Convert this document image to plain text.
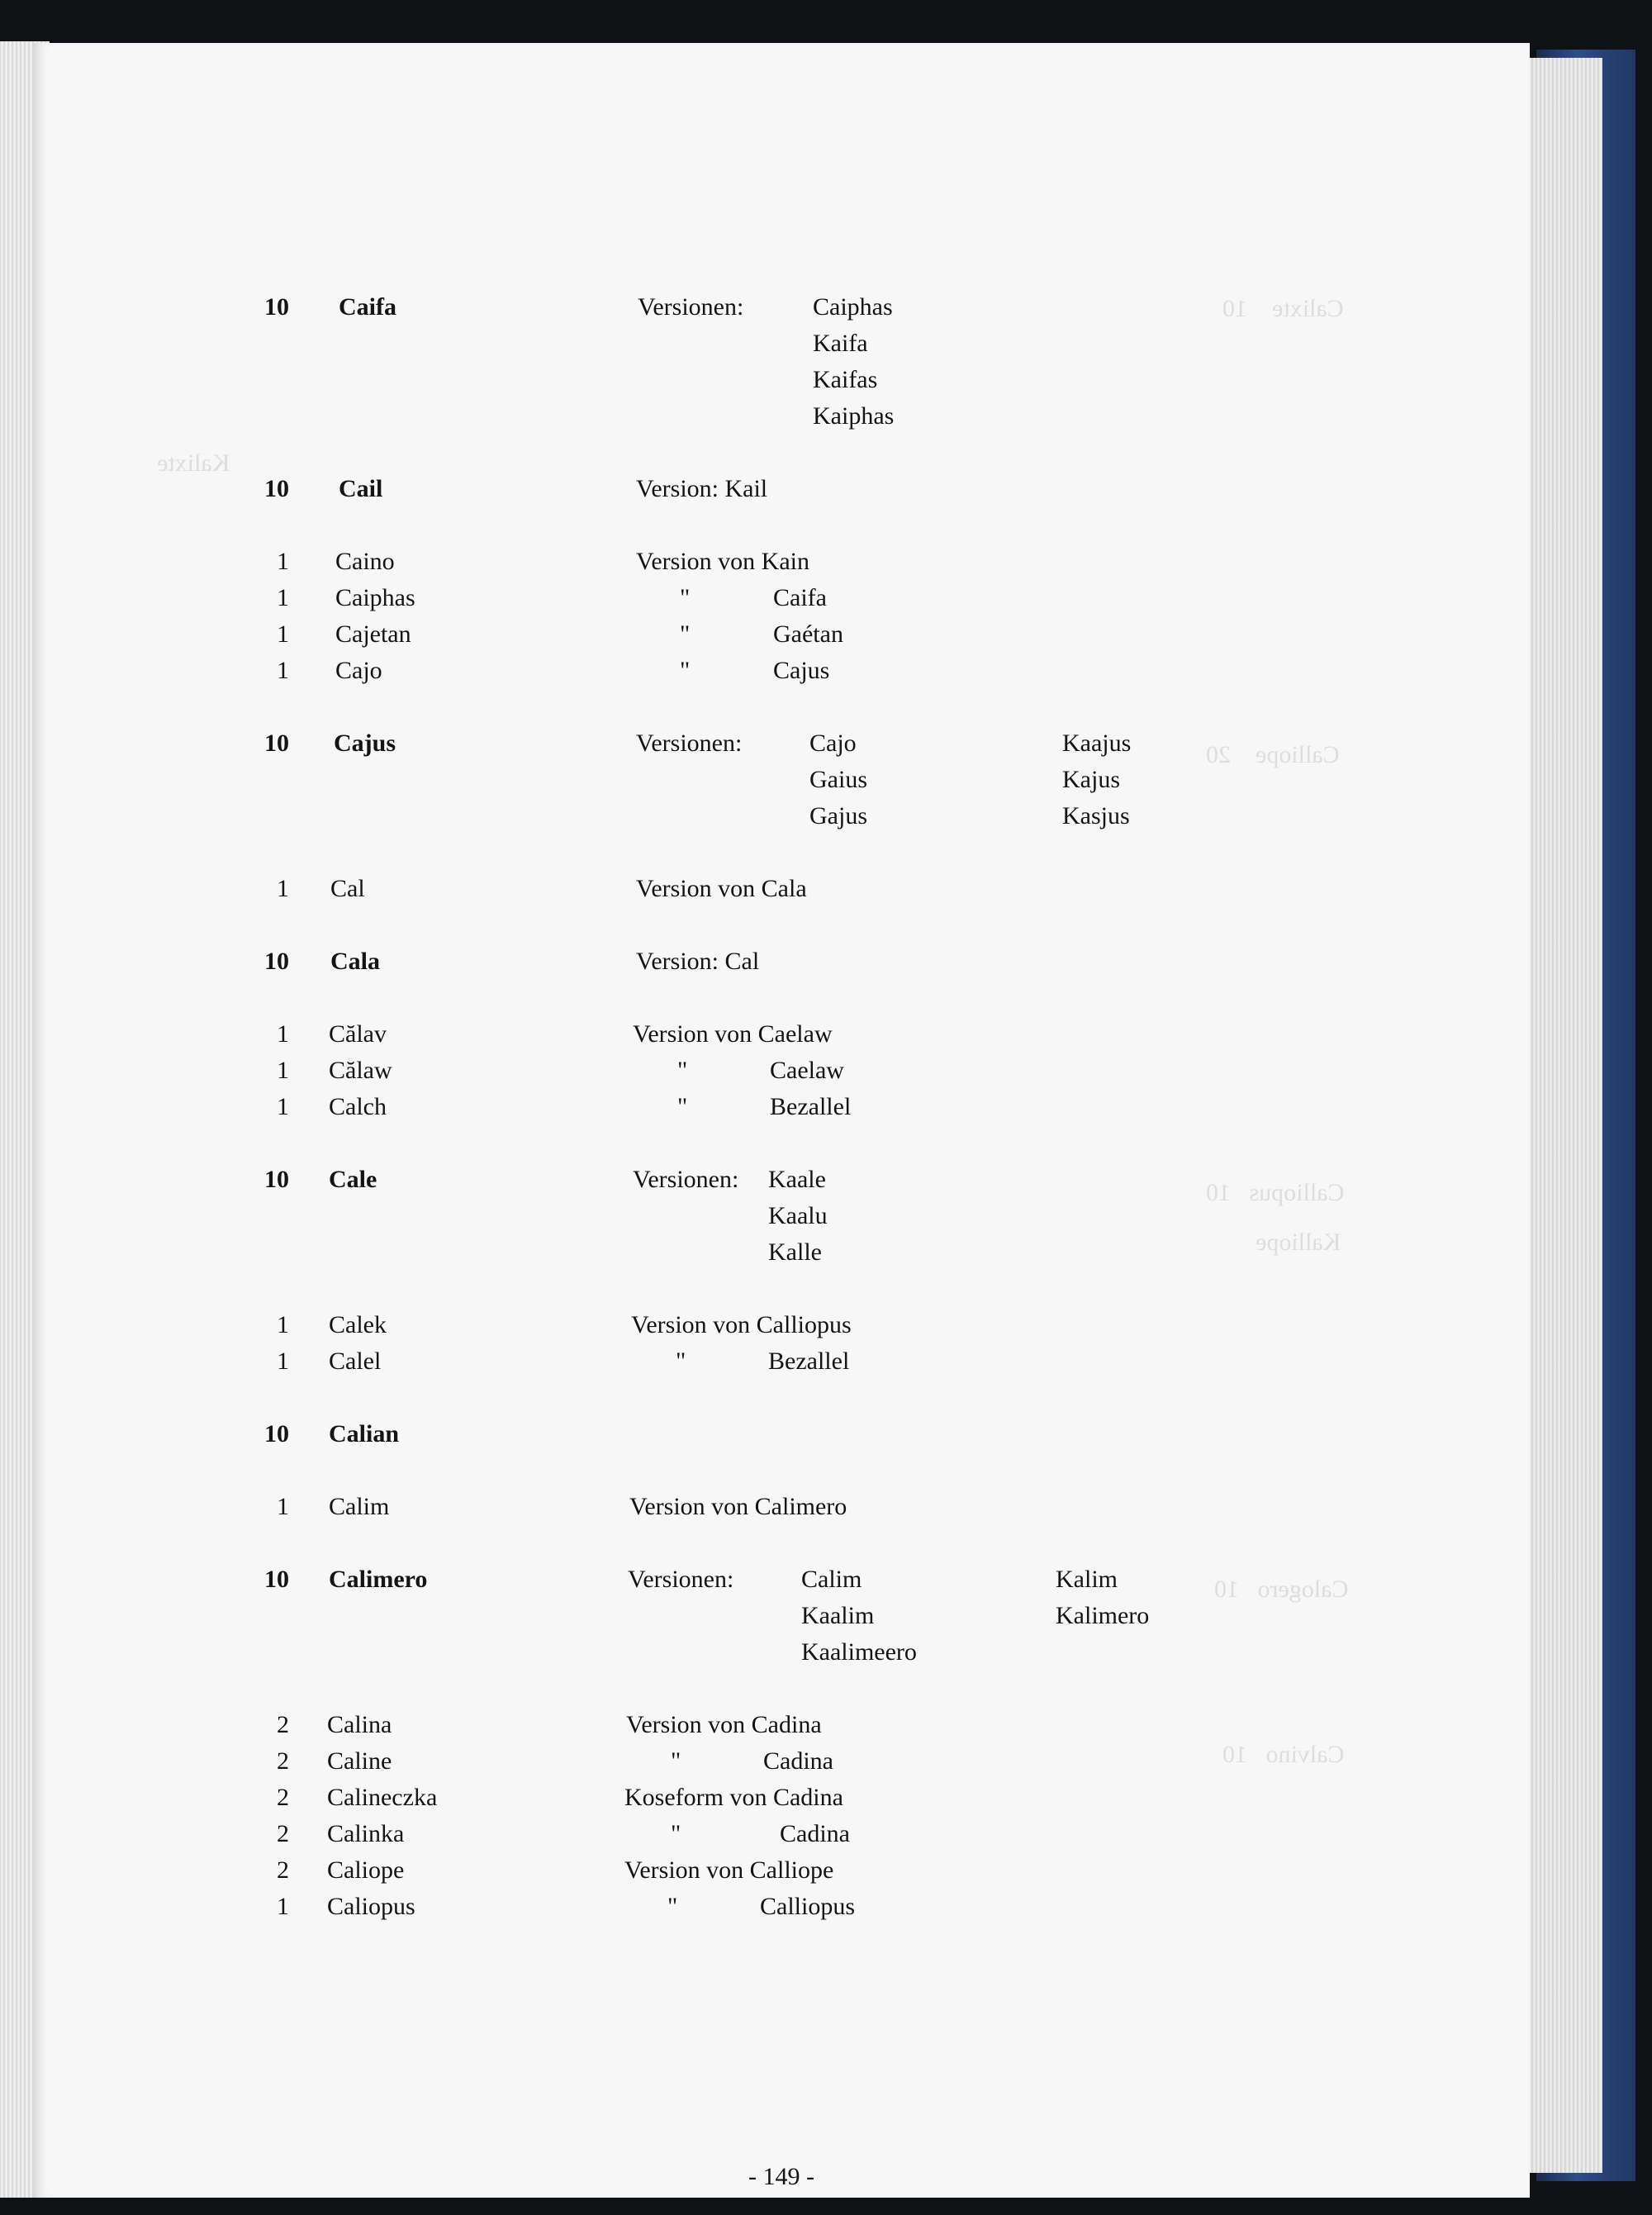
Calixte    10
Calliope    20
Calliopus   10
Calogero   10
Calvino   10
Kalixte
Kalliope
10 Caifa	Versionen:	Caiphas
Kaifa
Kaifas
Kaiphas
10 Cail	Version: Kail
1 Caino	Version von Kain
1 Caiphas	"	Caifa
1 Cajetan	"	Gaétan
1 Cajo	"	Cajus
10 Cajus	Versionen:	Cajo	Kaajus
Gaius	Kajus
Gajus	Kasjus
1 Cal	Version von Cala
10 Cala	Version: Cal
1 Călav	Version von Caelaw
1 Călaw	"	Caelaw
1 Calch	"	Bezallel
10 Cale	Versionen: Kaale
Kaalu
Kalle
1 Calek	Version von Calliopus
1 Calel	"	Bezallel
10 Calian
1 Calim	Version von Calimero
10 Calimero	Versionen:	Calim	Kalim
Kaalim	Kalimero
Kaalimeero
2 Calina	Version von Cadina
2 Caline	"	Cadina
2 Calineczka	Koseform von Cadina
2 Calinka	"	Cadina
2 Caliope	Version von Calliope
1 Caliopus	"	Calliopus
- 149 -
